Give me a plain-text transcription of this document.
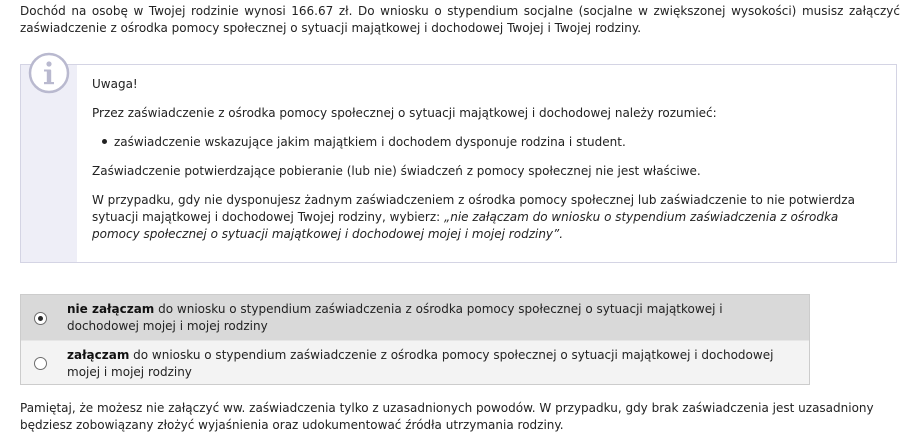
Dochód na osobę w Twojej rodzinie wynosi 166.67 zł. Do wniosku o stypendium socjalne (socjalne w zwiększonej wysokości) musisz załączyć zaświadczenie z ośrodka pomocy społecznej o sytuacji majątkowej i dochodowej Twojej i Twojej rodziny.

Uwaga!

Przez zaświadczenie z ośrodka pomocy społecznej o sytuacji majątkowej i dochodowej należy rozumieć:

zaświadczenie wskazujące jakim majątkiem i dochodem dysponuje rodzina i student.

Zaświadczenie potwierdzające pobieranie (lub nie) świadczeń z pomocy społecznej nie jest właściwe.

W przypadku, gdy nie dysponujesz żadnym zaświadczeniem z ośrodka pomocy społecznej lub zaświadczenie to nie potwierdza sytuacji majątkowej i dochodowej Twojej rodziny, wybierz: „nie załączam do wniosku o stypendium zaświadczenia z ośrodka pomocy społecznej o sytuacji majątkowej i dochodowej mojej i mojej rodziny”.

nie załączam do wniosku o stypendium zaświadczenia z ośrodka pomocy społecznej o sytuacji majątkowej i dochodowej mojej i mojej rodziny
załączam do wniosku o stypendium zaświadczenie z ośrodka pomocy społecznej o sytuacji majątkowej i dochodowej mojej i mojej rodziny
Pamiętaj, że możesz nie załączyć ww. zaświadczenia tylko z uzasadnionych powodów. W przypadku, gdy brak zaświadczenia jest uzasadniony będziesz zobowiązany złożyć wyjaśnienia oraz udokumentować źródła utrzymania rodziny.
